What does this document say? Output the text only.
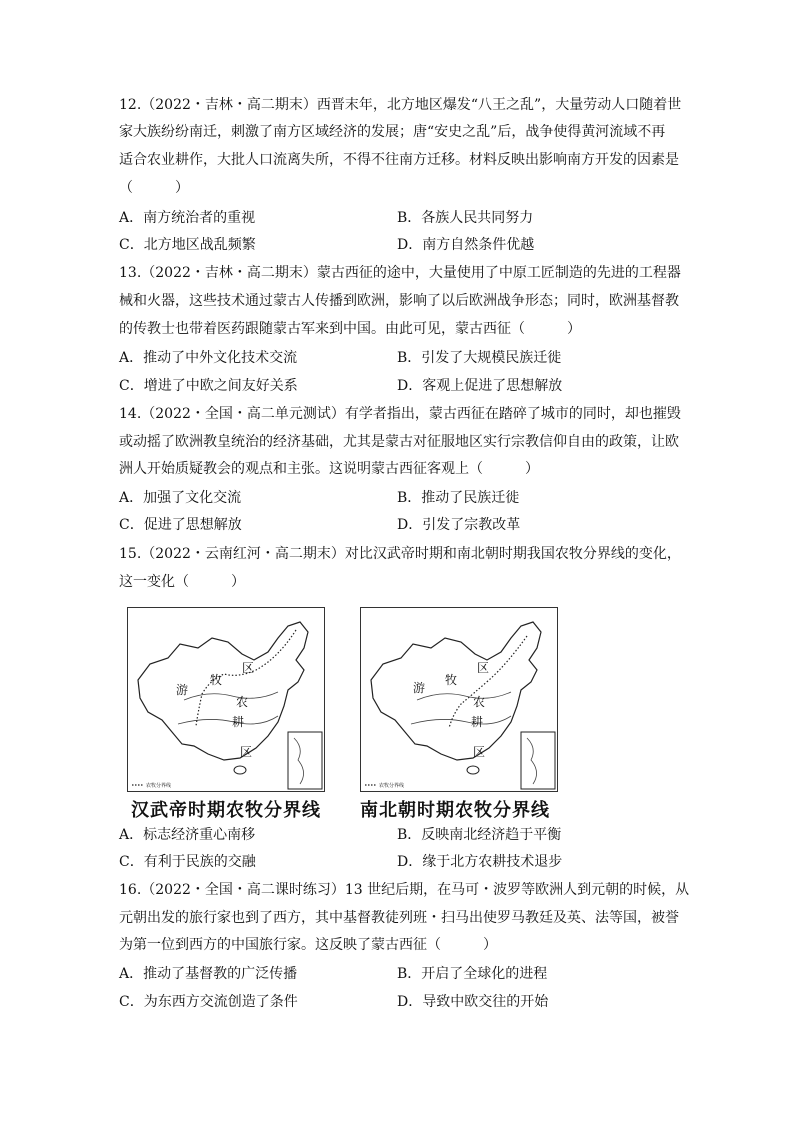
12.（2022・吉林・高二期末）西晋末年，北方地区爆发“八王之乱”，大量劳动人口随着世
家大族纷纷南迁，刺激了南方区域经济的发展；唐“安史之乱”后，战争使得黄河流域不再
适合农业耕作，大批人口流离失所，不得不往南方迁移。材料反映出影响南方开发的因素是
（　　　）
A．南方统治者的重视	B．各族人民共同努力
C．北方地区战乱频繁	D．南方自然条件优越
13.（2022・吉林・高二期末）蒙古西征的途中，大量使用了中原工匠制造的先进的工程器
械和火器，这些技术通过蒙古人传播到欧洲，影响了以后欧洲战争形态；同时，欧洲基督教
的传教士也带着医药跟随蒙古军来到中国。由此可见，蒙古西征（　　　）
A．推动了中外文化技术交流	B．引发了大规模民族迁徙
C．增进了中欧之间友好关系	D．客观上促进了思想解放
14.（2022・全国・高二单元测试）有学者指出，蒙古西征在踏碎了城市的同时，却也摧毁
或动摇了欧洲教皇统治的经济基础，尤其是蒙古对征服地区实行宗教信仰自由的政策，让欧
洲人开始质疑教会的观点和主张。这说明蒙古西征客观上（　　　）
A．加强了文化交流	B．推动了民族迁徙
C．促进了思想解放	D．引发了宗教改革
15.（2022・云南红河・高二期末）对比汉武帝时期和南北朝时期我国农牧分界线的变化，
这一变化（　　　）
游
牧
区
农
耕
区
农牧分界线
汉武帝时期农牧分界线
游
牧
区
农
耕
区
农牧分界线
南北朝时期农牧分界线
A．标志经济重心南移	B．反映南北经济趋于平衡
C．有利于民族的交融	D．缘于北方农耕技术退步
16.（2022・全国・高二课时练习）13 世纪后期，在马可・波罗等欧洲人到元朝的时候，从
元朝出发的旅行家也到了西方，其中基督教徒列班・扫马出使罗马教廷及英、法等国，被誉
为第一位到西方的中国旅行家。这反映了蒙古西征（　　　）
A．推动了基督教的广泛传播	B．开启了全球化的进程
C．为东西方交流创造了条件	D．导致中欧交往的开始
